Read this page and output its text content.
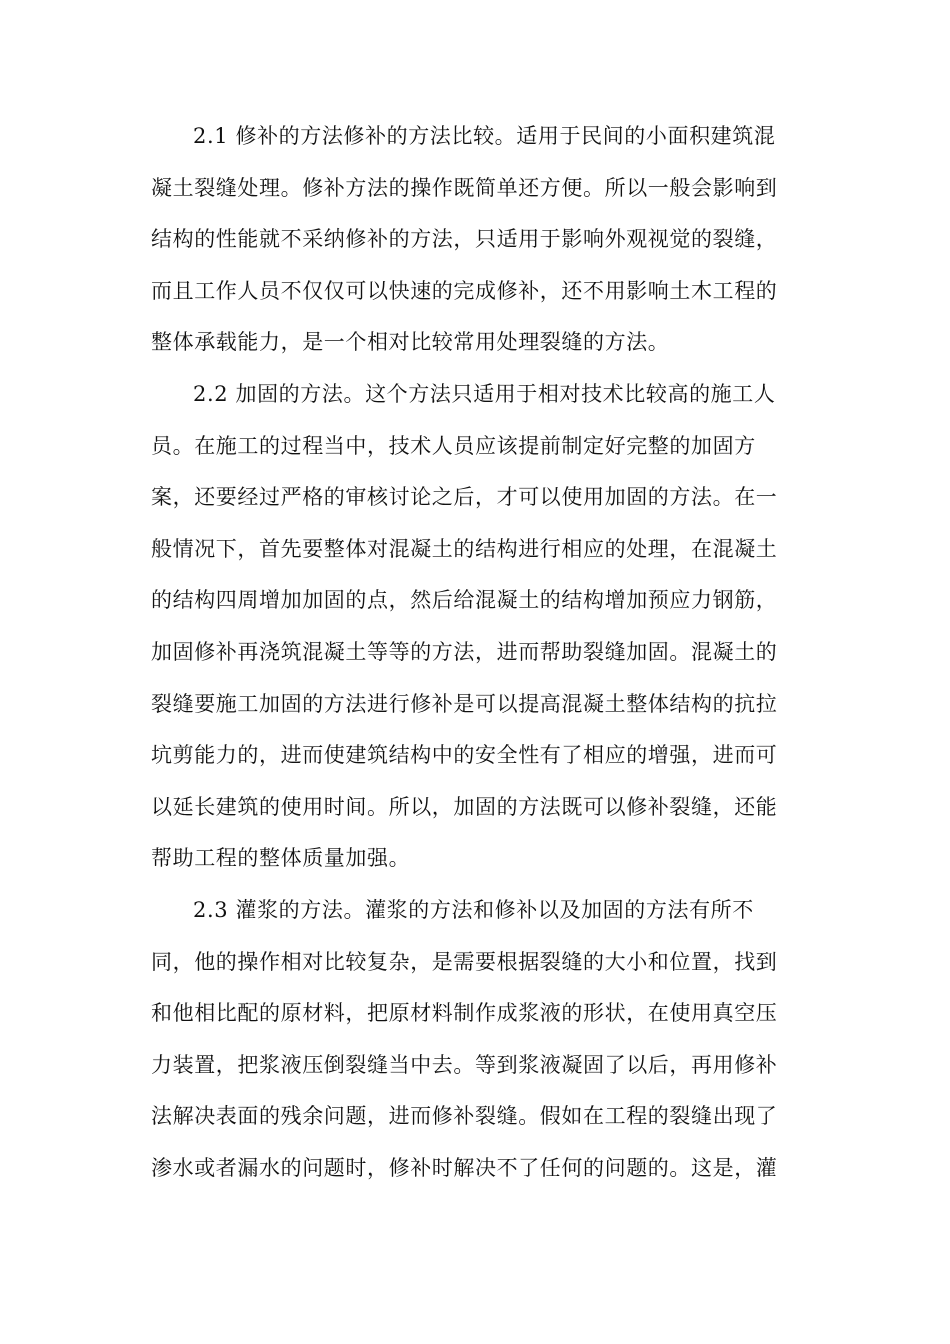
2.1 修补的方法修补的方法比较。适用于民间的小面积建筑混
凝土裂缝处理。修补方法的操作既简单还方便。所以一般会影响到
结构的性能就不采纳修补的方法，只适用于影响外观视觉的裂缝，
而且工作人员不仅仅可以快速的完成修补，还不用影响土木工程的
整体承载能力，是一个相对比较常用处理裂缝的方法。
2.2 加固的方法。这个方法只适用于相对技术比较高的施工人
员。在施工的过程当中，技术人员应该提前制定好完整的加固方
案，还要经过严格的审核讨论之后，才可以使用加固的方法。在一
般情况下，首先要整体对混凝土的结构进行相应的处理，在混凝土
的结构四周增加加固的点，然后给混凝土的结构增加预应力钢筋，
加固修补再浇筑混凝土等等的方法，进而帮助裂缝加固。混凝土的
裂缝要施工加固的方法进行修补是可以提高混凝土整体结构的抗拉
坑剪能力的，进而使建筑结构中的安全性有了相应的增强，进而可
以延长建筑的使用时间。所以，加固的方法既可以修补裂缝，还能
帮助工程的整体质量加强。
2.3 灌浆的方法。灌浆的方法和修补以及加固的方法有所不
同，他的操作相对比较复杂，是需要根据裂缝的大小和位置，找到
和他相比配的原材料，把原材料制作成浆液的形状，在使用真空压
力装置，把浆液压倒裂缝当中去。等到浆液凝固了以后，再用修补
法解决表面的残余问题，进而修补裂缝。假如在工程的裂缝出现了
渗水或者漏水的问题时，修补时解决不了任何的问题的。这是，灌
